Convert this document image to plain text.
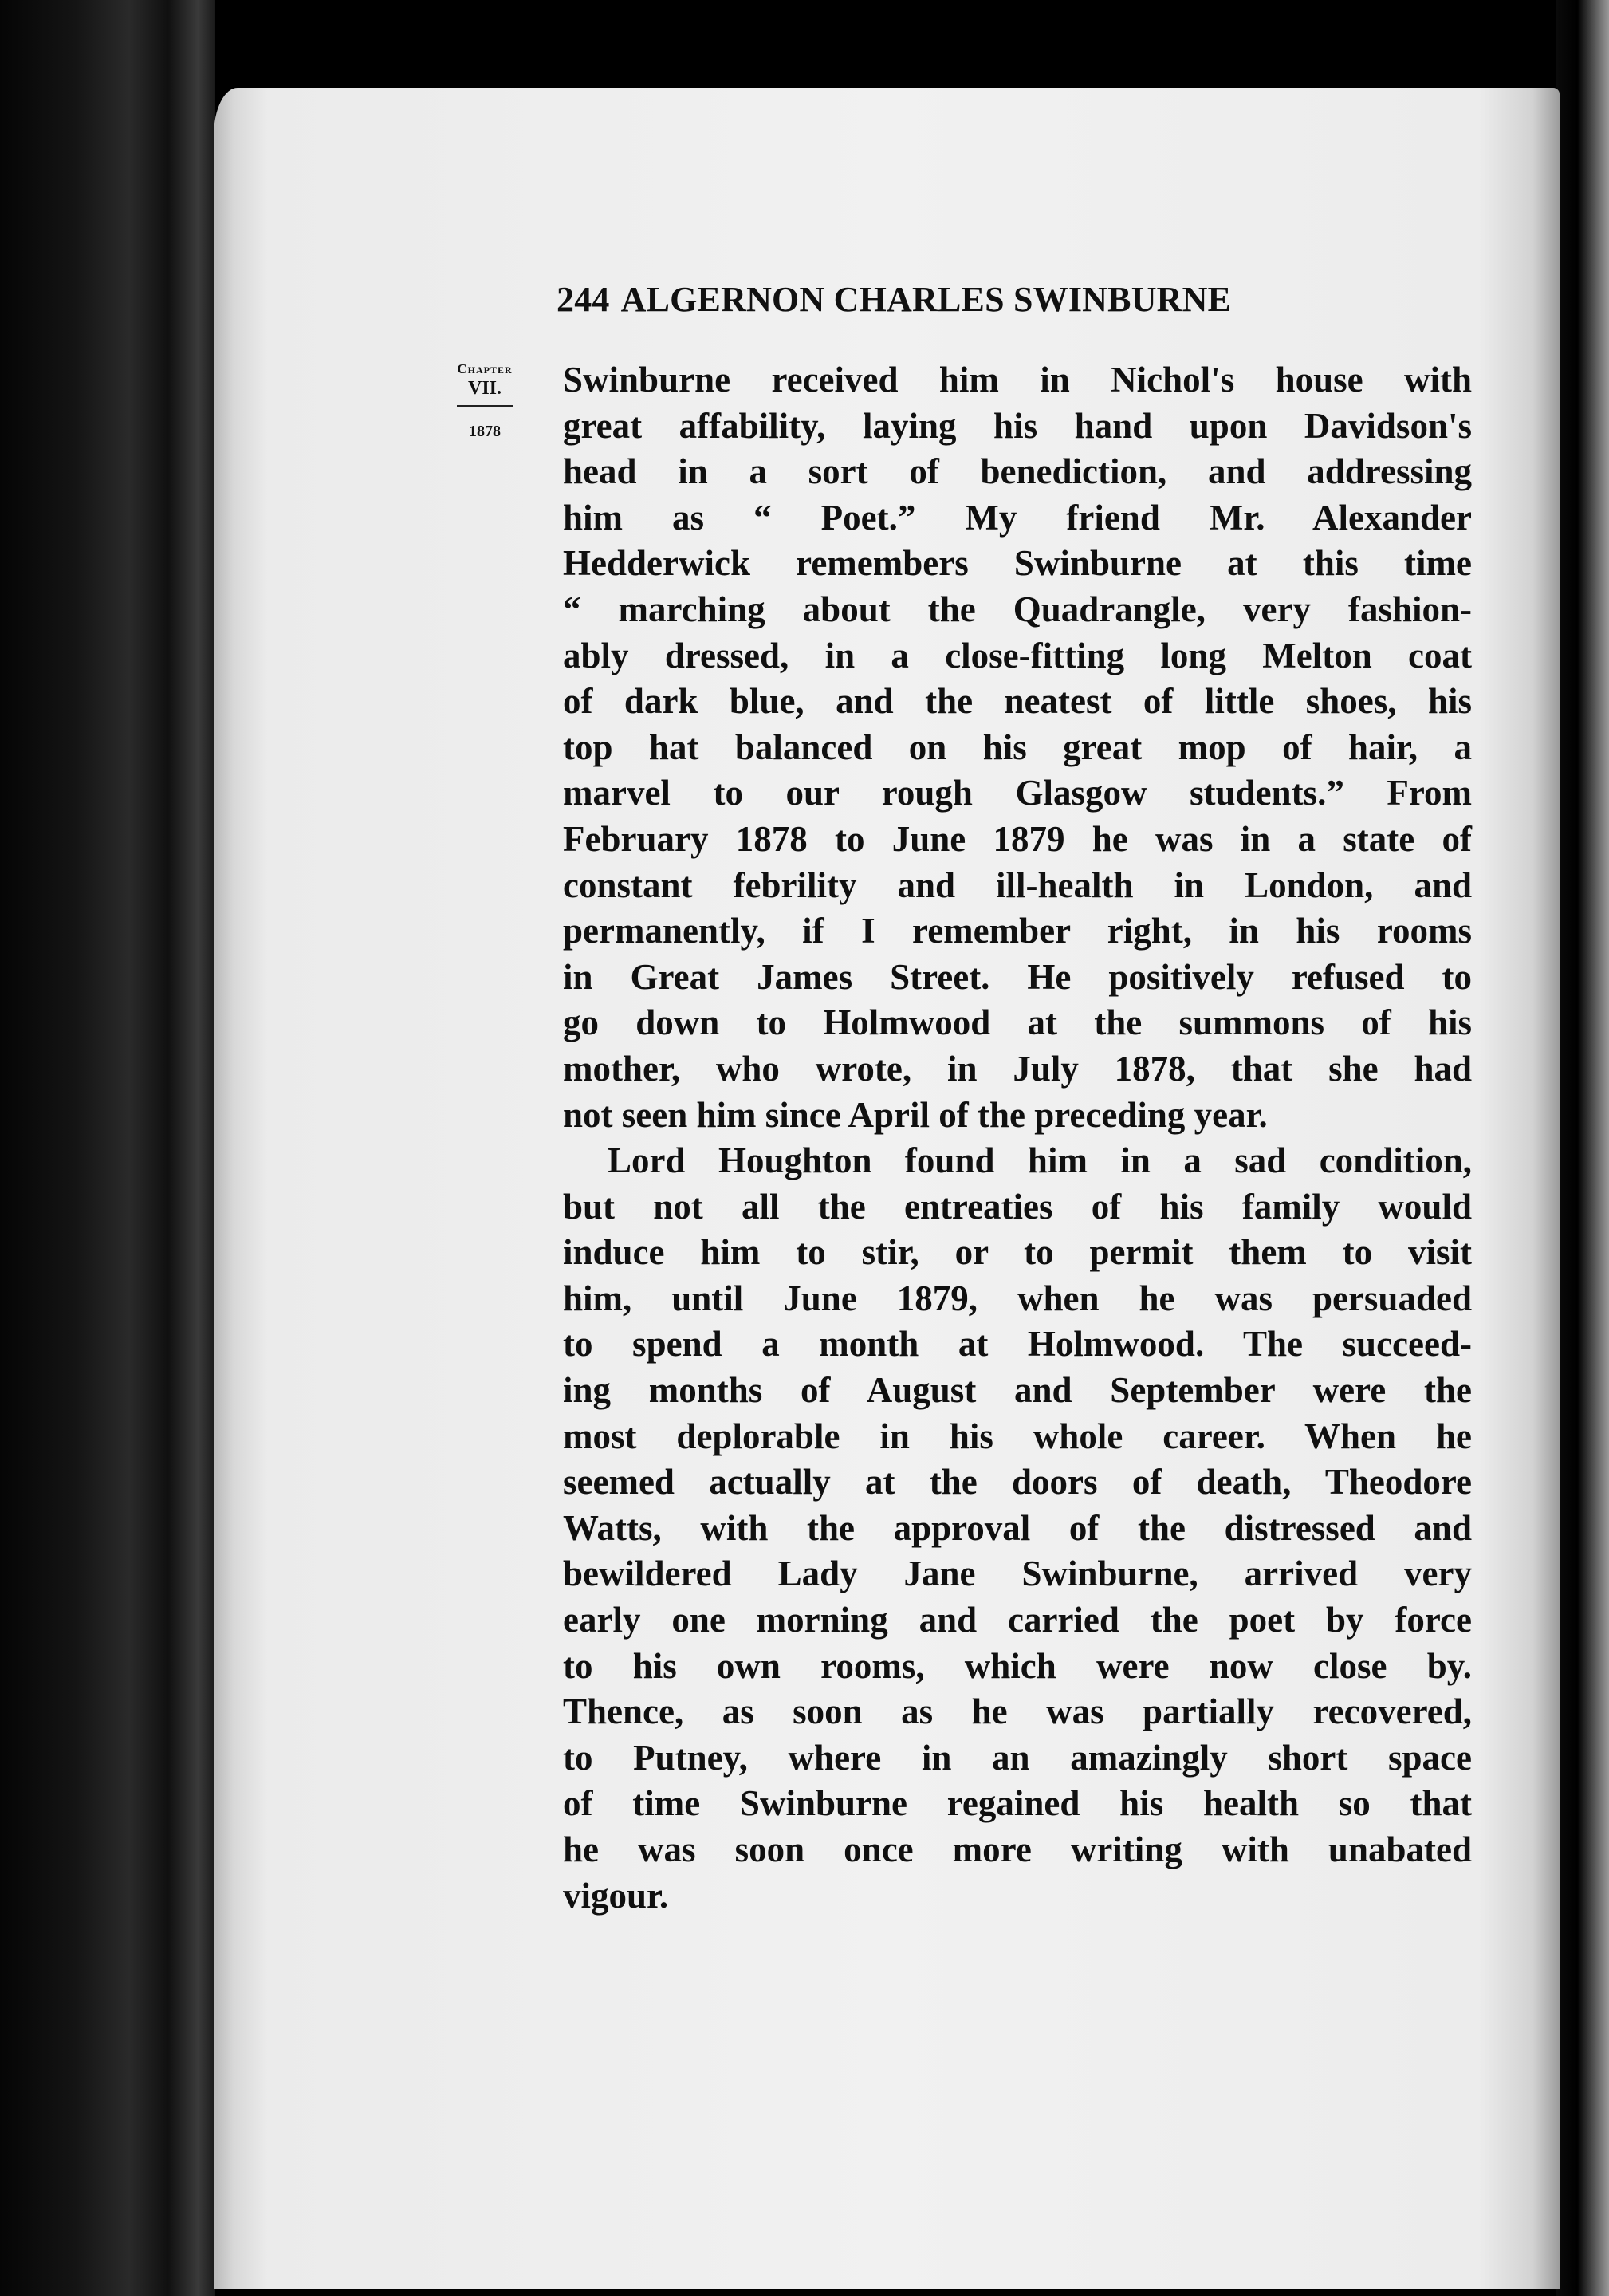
244 ALGERNON CHARLES SWINBURNE
Chapter
VII.
1878
Swinburne received him in Nichol's house with
great affability, laying his hand upon Davidson's
head in a sort of benediction, and addressing
him as “ Poet.” My friend Mr. Alexander
Hedderwick remembers Swinburne at this time
“ marching about the Quadrangle, very fashion-
ably dressed, in a close-fitting long Melton coat
of dark blue, and the neatest of little shoes, his
top hat balanced on his great mop of hair, a
marvel to our rough Glasgow students.” From
February 1878 to June 1879 he was in a state of
constant febrility and ill-health in London, and
permanently, if I remember right, in his rooms
in Great James Street. He positively refused to
go down to Holmwood at the summons of his
mother, who wrote, in July 1878, that she had
not seen him since April of the preceding year.
Lord Houghton found him in a sad condition,
but not all the entreaties of his family would
induce him to stir, or to permit them to visit
him, until June 1879, when he was persuaded
to spend a month at Holmwood. The succeed-
ing months of August and September were the
most deplorable in his whole career. When he
seemed actually at the doors of death, Theodore
Watts, with the approval of the distressed and
bewildered Lady Jane Swinburne, arrived very
early one morning and carried the poet by force
to his own rooms, which were now close by.
Thence, as soon as he was partially recovered,
to Putney, where in an amazingly short space
of time Swinburne regained his health so that
he was soon once more writing with unabated
vigour.
